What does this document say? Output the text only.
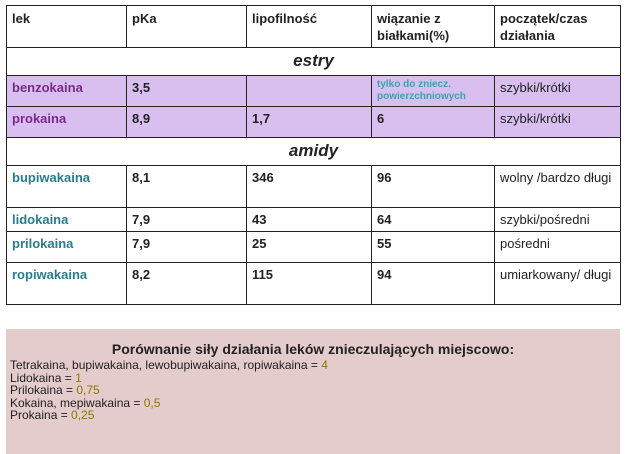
lek	pKa	lipofilność	wiązanie z białkami(%)	początek/czas działania
estry				
benzokaina	3,5		tylko do zniecz. powierzchniowych	szybki/krótki
prokaina	8,9	1,7	6	szybki/krótki
amidy				
bupiwakaina	8,1	346	96	wolny /bardzo długi
lidokaina	7,9	43	64	szybki/pośredni
prilokaina	7,9	25	55	pośredni
ropiwakaina	8,2	115	94	umiarkowany/ długi
Porównanie siły działania leków znieczulających miejscowo:
Tetrakaina, bupiwakaina, lewobupiwakaina, ropiwakaina = 4
Lidokaina = 1
Prilokaina = 0,75
Kokaina, mepiwakaina = 0,5
Prokaina = 0,25
